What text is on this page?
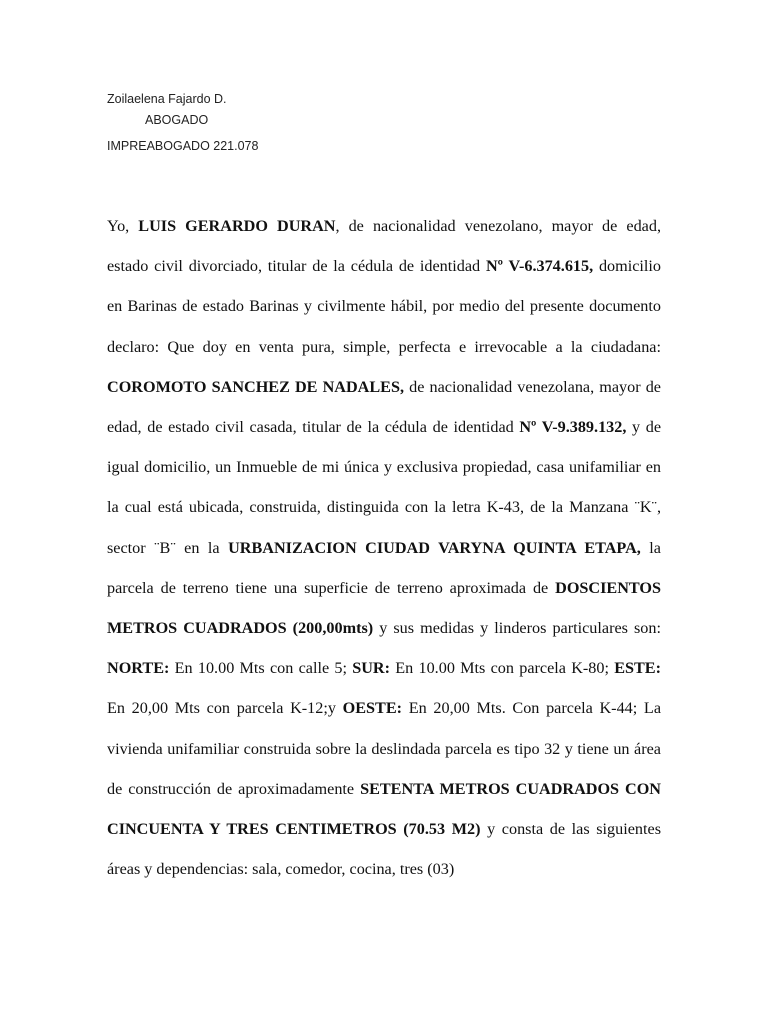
Zoilaelena Fajardo D.
ABOGADO
IMPREABOGADO 221.078

Yo, LUIS GERARDO DURAN, de nacionalidad venezolano, mayor de edad, estado civil divorciado, titular de la cédula de identidad Nº V-6.374.615, domicilio en Barinas de estado Barinas y civilmente hábil, por medio del presente documento declaro: Que doy en venta pura, simple, perfecta e irrevocable a la ciudadana: COROMOTO SANCHEZ DE NADALES, de nacionalidad venezolana, mayor de edad, de estado civil casada, titular de la cédula de identidad Nº V-9.389.132, y de igual domicilio, un Inmueble de mi única y exclusiva propiedad, casa unifamiliar en la cual está ubicada, construida, distinguida con la letra K-43, de la Manzana ¨K¨, sector ¨B¨ en la URBANIZACION CIUDAD VARYNA QUINTA ETAPA, la parcela de terreno tiene una superficie de terreno aproximada de DOSCIENTOS METROS CUADRADOS (200,00mts) y sus medidas y linderos particulares son: NORTE: En 10.00 Mts con calle 5; SUR: En 10.00 Mts con parcela K-80; ESTE: En 20,00 Mts con parcela K-12;y OESTE: En 20,00 Mts. Con parcela K-44; La vivienda unifamiliar construida sobre la deslindada parcela es tipo 32 y tiene un área de construcción de aproximadamente SETENTA METROS CUADRADOS CON CINCUENTA Y TRES CENTIMETROS (70.53 M2) y consta de las siguientes áreas y dependencias: sala, comedor, cocina, tres (03)
